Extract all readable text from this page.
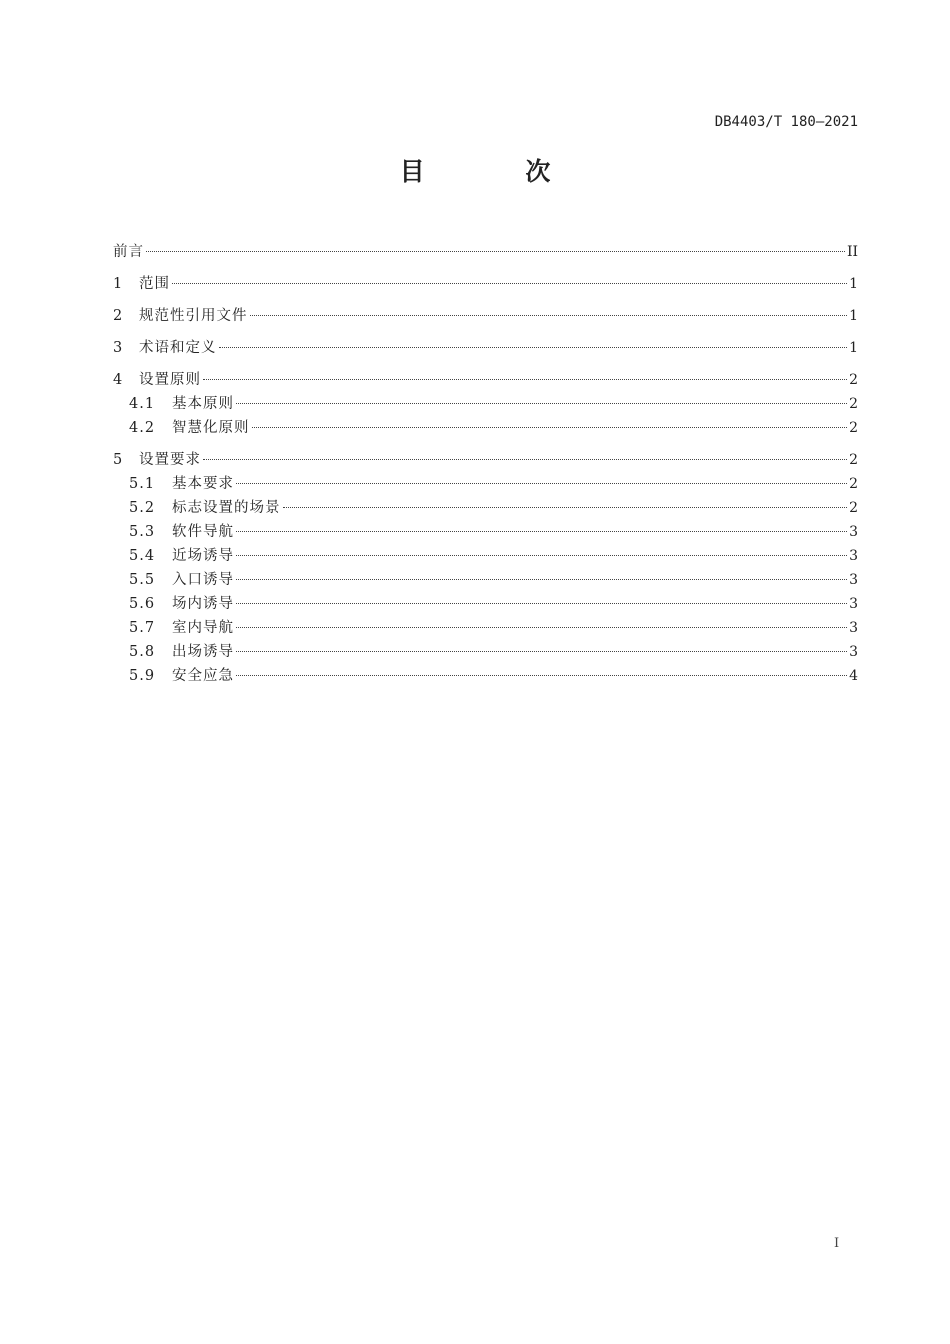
DB4403/T 180—2021
目 次
前言	II
1	范围	1
2	规范性引用文件	1
3	术语和定义	1
4	设置原则	2
4.1	基本原则	2
4.2	智慧化原则	2
5	设置要求	2
5.1	基本要求	2
5.2	标志设置的场景	2
5.3	软件导航	3
5.4	近场诱导	3
5.5	入口诱导	3
5.6	场内诱导	3
5.7	室内导航	3
5.8	出场诱导	3
5.9	安全应急	4
I
